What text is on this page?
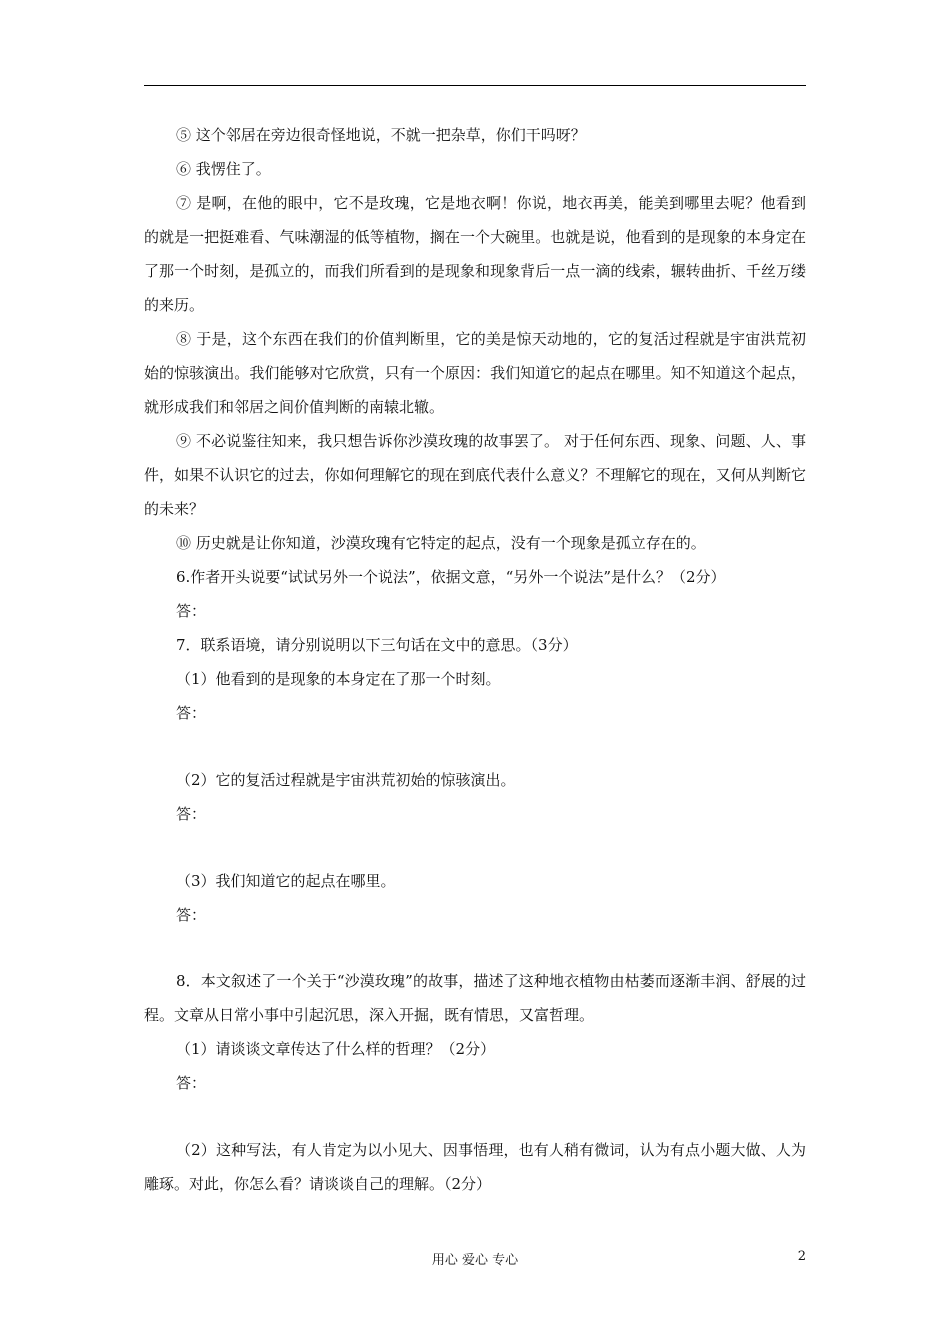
⑤ 这个邻居在旁边很奇怪地说，不就一把杂草，你们干吗呀？

⑥ 我愣住了。

⑦ 是啊，在他的眼中，它不是玫瑰，它是地衣啊！你说，地衣再美，能美到哪里去呢？他看到的就是一把挺难看、气味潮湿的低等植物，搁在一个大碗里。也就是说，他看到的是现象的本身定在了那一个时刻，是孤立的，而我们所看到的是现象和现象背后一点一滴的线索，辗转曲折、千丝万缕的来历。

⑧ 于是，这个东西在我们的价值判断里，它的美是惊天动地的，它的复活过程就是宇宙洪荒初始的惊骇演出。我们能够对它欣赏，只有一个原因：我们知道它的起点在哪里。知不知道这个起点，就形成我们和邻居之间价值判断的南辕北辙。

⑨ 不必说鉴往知来，我只想告诉你沙漠玫瑰的故事罢了。 对于任何东西、现象、问题、人、事件，如果不认识它的过去，你如何理解它的现在到底代表什么意义？不理解它的现在，又何从判断它的未来？

⑩ 历史就是让你知道，沙漠玫瑰有它特定的起点，没有一个现象是孤立存在的。

6.作者开头说要“试试另外一个说法”，依据文意，“另外一个说法”是什么？（2分）

答：

7．联系语境，请分别说明以下三句话在文中的意思。（3分）

（1）他看到的是现象的本身定在了那一个时刻。

答：

（2）它的复活过程就是宇宙洪荒初始的惊骇演出。

答：

（3）我们知道它的起点在哪里。

答：

8．本文叙述了一个关于“沙漠玫瑰”的故事，描述了这种地衣植物由枯萎而逐渐丰润、舒展的过程。文章从日常小事中引起沉思，深入开掘，既有情思，又富哲理。

（1）请谈谈文章传达了什么样的哲理？（2分）

答：

（2）这种写法，有人肯定为以小见大、因事悟理，也有人稍有微词，认为有点小题大做、人为雕琢。对此，你怎么看？请谈谈自己的理解。（2分）

用心 爱心 专心	2
